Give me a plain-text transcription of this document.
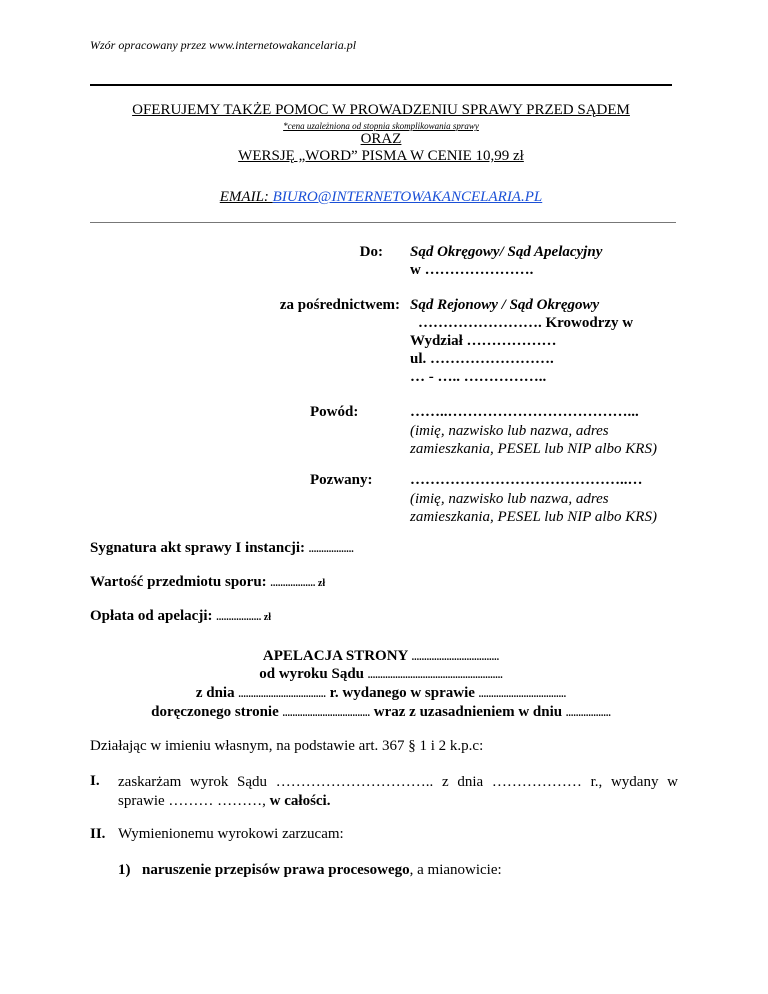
Wzór opracowany przez www.internetowakancelaria.pl
OFERUJEMY TAKŻE POMOC W PROWADZENIU SPRAWY PRZED SĄDEM
*cena uzależniona od stopnia skomplikowania sprawy
ORAZ
WERSJĘ „WORD” PISMA W CENIE 10,99 zł
EMAIL: BIURO@INTERNETOWAKANCELARIA.PL
Do: Sąd Okręgowy/ Sąd Apelacyjny
w ………………….
za pośrednictwem: Sąd Rejonowy / Sąd Okręgowy
……………………. Krowodrzy w
Wydział ………………
ul. …………………….
… - ….. ……………..
Powód:	……..………………………………...
(imię, nazwisko lub nazwa, adres zamieszkania, PESEL lub NIP albo KRS)
Pozwany:	……………………………………..…
(imię, nazwisko lub nazwa, adres zamieszkania, PESEL lub NIP albo KRS)
Sygnatura akt sprawy I instancji: ..................
Wartość przedmiotu sporu: .................. zł
Opłata od apelacji: .................. zł
APELACJA STRONY ...................................
od wyroku Sądu ......................................................
z dnia ................................... r. wydanego w sprawie ...................................
doręczonego stronie ................................... wraz z uzasadnieniem w dniu ..................
Działając w imieniu własnym, na podstawie art. 367 § 1 i 2 k.p.c:
I. zaskarżam wyrok Sądu ………………………….. z dnia ……………… r., wydany w sprawie ……… ………, w całości.
II. Wymienionemu wyrokowi zarzucam:
1) naruszenie przepisów prawa procesowego, a mianowicie:
